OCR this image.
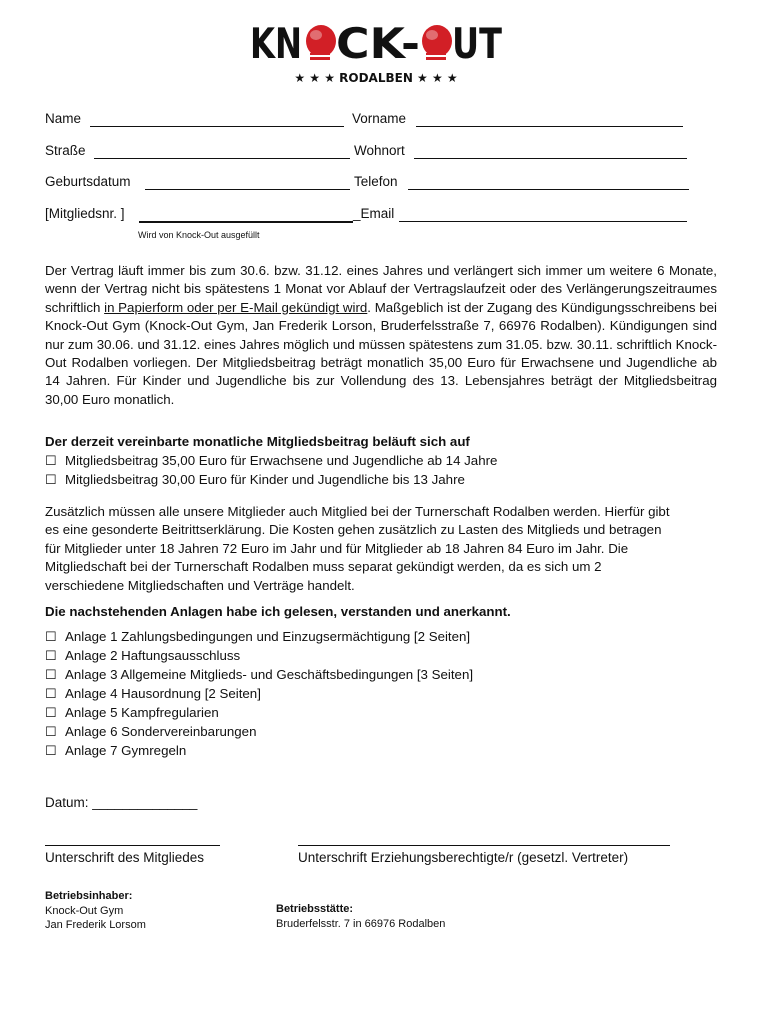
KN CK- UT
★ ★ ★ RODALBEN ★ ★ ★
Name	Vorname
Straße	Wohnort
Geburtsdatum	Telefon
[Mitgliedsnr. ]	_Email
Wird von Knock-Out ausgefüllt
Der Vertrag läuft immer bis zum 30.6. bzw. 31.12. eines Jahres und verlängert sich immer um weitere 6 Monate, wenn der Vertrag nicht bis spätestens 1 Monat vor Ablauf der Vertragslaufzeit oder des Verlängerungszeitraumes schriftlich in Papierform oder per E-Mail gekündigt wird. Maßgeblich ist der Zugang des Kündigungsschreibens bei Knock-Out Gym (Knock-Out Gym, Jan Frederik Lorson, Bruderfelsstraße 7, 66976 Rodalben). Kündigungen sind nur zum 30.06. und 31.12. eines Jahres möglich und müssen spätestens zum 31.05. bzw. 30.11. schriftlich Knock- Out Rodalben vorliegen. Der Mitgliedsbeitrag beträgt monatlich 35,00 Euro für Erwachsene und Jugendliche ab 14 Jahren. Für Kinder und Jugendliche bis zur Vollendung des 13. Lebensjahres beträgt der Mitgliedsbeitrag 30,00 Euro monatlich.
Der derzeit vereinbarte monatliche Mitgliedsbeitrag beläuft sich auf
☐ Mitgliedsbeitrag 35,00 Euro für Erwachsene und Jugendliche ab 14 Jahre
☐ Mitgliedsbeitrag 30,00 Euro für Kinder und Jugendliche bis 13 Jahre
Zusätzlich müssen alle unsere Mitglieder auch Mitglied bei der Turnerschaft Rodalben werden. Hierfür gibt es eine gesonderte Beitrittserklärung. Die Kosten gehen zusätzlich zu Lasten des Mitglieds und betragen für Mitglieder unter 18 Jahren 72 Euro im Jahr und für Mitglieder ab 18 Jahren 84 Euro im Jahr. Die Mitgliedschaft bei der Turnerschaft Rodalben muss separat gekündigt werden, da es sich um 2 verschiedene Mitgliedschaften und Verträge handelt.
Die nachstehenden Anlagen habe ich gelesen, verstanden und anerkannt.
☐ Anlage 1 Zahlungsbedingungen und Einzugsermächtigung [2 Seiten]
☐ Anlage 2 Haftungsausschluss
☐ Anlage 3 Allgemeine Mitglieds- und Geschäftsbedingungen [3 Seiten]
☐ Anlage 4 Hausordnung [2 Seiten]
☐ Anlage 5 Kampfregularien
☐ Anlage 6 Sondervereinbarungen
☐ Anlage 7 Gymregeln
Datum: ______________
Unterschrift des Mitgliedes	Unterschrift Erziehungsberechtigte/r (gesetzl. Vertreter)
Betriebsinhaber:
Knock-Out Gym
Jan Frederik Lorsom
Betriebsstätte:
Bruderfelsstr. 7 in 66976 Rodalben
